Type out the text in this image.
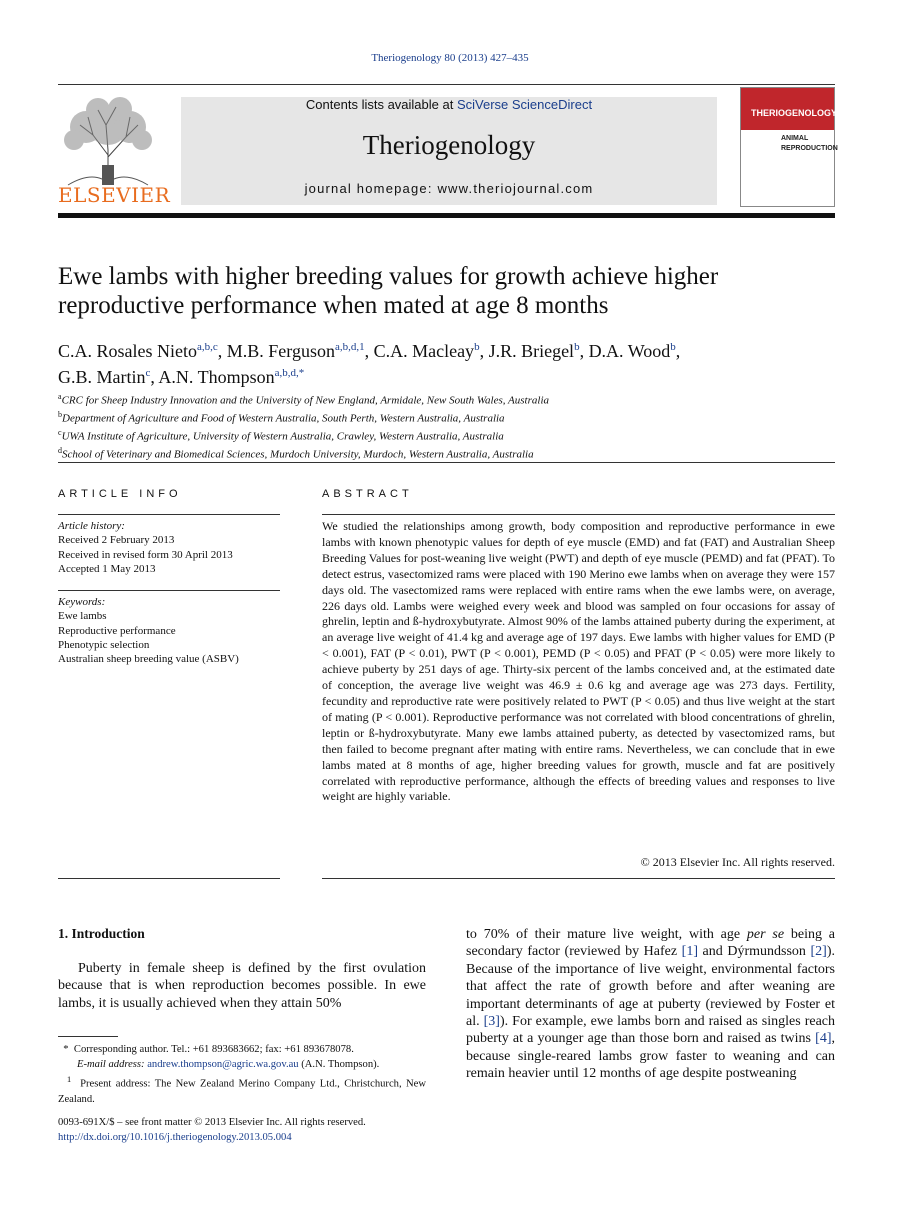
Theriogenology 80 (2013) 427–435
ELSEVIER
Contents lists available at SciVerse ScienceDirect
Theriogenology
journal homepage: www.theriojournal.com
THERIOGENOLOGY
ANIMAL
REPRODUCTION
Ewe lambs with higher breeding values for growth achieve higher
reproductive performance when mated at age 8 months
C.A. Rosales Nieto$^{a,b,c}$, M.B. Ferguson$^{a,b,d,1}$, C.A. Macleay$^b$, J.R. Briegel$^b$, D.A. Wood$^b$,
G.B. Martin$^c$, A.N. Thompson$^{a,b,d,*}$
$^a$CRC for Sheep Industry Innovation and the University of New England, Armidale, New South Wales, Australia
$^b$Department of Agriculture and Food of Western Australia, South Perth, Western Australia, Australia
$^c$UWA Institute of Agriculture, University of Western Australia, Crawley, Western Australia, Australia
$^d$School of Veterinary and Biomedical Sciences, Murdoch University, Murdoch, Western Australia, Australia
ARTICLE INFO	ABSTRACT
Article history:
Received 2 February 2013
Received in revised form 30 April 2013
Accepted 1 May 2013
Keywords:
Ewe lambs
Reproductive performance
Phenotypic selection
Australian sheep breeding value (ASBV)
We studied the relationships among growth, body composition and reproductive performance in ewe lambs with known phenotypic values for depth of eye muscle (EMD) and fat (FAT) and Australian Sheep Breeding Values for post-weaning live weight (PWT) and depth of eye muscle (PEMD) and fat (PFAT). To detect estrus, vasectomized rams were placed with 190 Merino ewe lambs when on average they were 157 days old. The vasectomized rams were replaced with entire rams when the ewe lambs were, on average, 226 days old. Lambs were weighed every week and blood was sampled on four occasions for assay of ghrelin, leptin and ß-hydroxybutyrate. Almost 90% of the lambs attained puberty during the experiment, at an average live weight of 41.4 kg and average age of 197 days. Ewe lambs with higher values for EMD (P < 0.001), FAT (P < 0.01), PWT (P < 0.001), PEMD (P < 0.05) and PFAT (P < 0.05) were more likely to achieve puberty by 251 days of age. Thirty-six percent of the lambs conceived and, at the estimated date of conception, the average live weight was 46.9 ± 0.6 kg and average age was 273 days. Fertility, fecundity and reproductive rate were positively related to PWT (P < 0.05) and thus live weight at the start of mating (P < 0.001). Reproductive performance was not correlated with blood concentrations of ghrelin, leptin or ß-hydroxybutyrate. Many ewe lambs attained puberty, as detected by vasectomized rams, but then failed to become pregnant after mating with entire rams. Nevertheless, we can conclude that in ewe lambs mated at 8 months of age, higher breeding values for growth, muscle and fat are positively correlated with reproductive performance, although the effects of breeding values and responses to live weight are highly variable.
© 2013 Elsevier Inc. All rights reserved.
1. Introduction
Puberty in female sheep is defined by the first ovulation because that is when reproduction becomes possible. In ewe lambs, it is usually achieved when they attain 50%
to 70% of their mature live weight, with age per se being a secondary factor (reviewed by Hafez [1] and Dýrmundsson [2]). Because of the importance of live weight, environmental factors that affect the rate of growth before and after weaning are important determinants of age at puberty (reviewed by Foster et al. [3]). For example, ewe lambs born and raised as singles reach puberty at a younger age than those born and raised as twins [4], because single-reared lambs grow faster to weaning and can remain heavier until 12 months of age despite postweaning

* Corresponding author. Tel.: +61 893683662; fax: +61 893678078.

E-mail address: andrew.thompson@agric.wa.gov.au (A.N. Thompson).

$^1$ Present address: The New Zealand Merino Company Ltd., Christchurch, New Zealand.

0093-691X/$ – see front matter © 2013 Elsevier Inc. All rights reserved.
http://dx.doi.org/10.1016/j.theriogenology.2013.05.004
